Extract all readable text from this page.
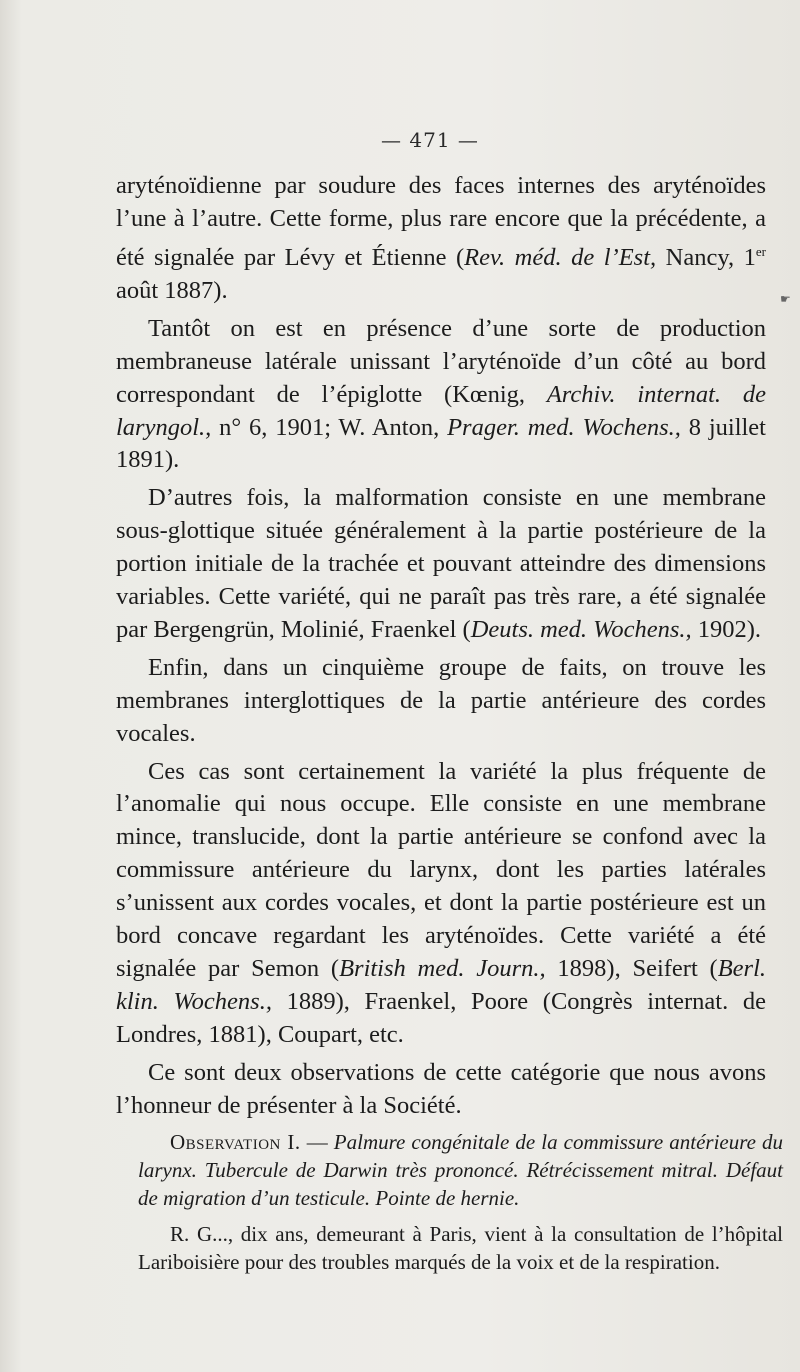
— 471 —
☛

aryténoïdienne par soudure des faces internes des aryténoïdes l’une à l’autre. Cette forme, plus rare encore que la précédente, a été signalée par Lévy et Étienne (Rev. méd. de l’Est, Nancy, 1er août 1887).

Tantôt on est en présence d’une sorte de production membraneuse latérale unissant l’aryténoïde d’un côté au bord correspondant de l’épiglotte (Kœnig, Archiv. internat. de laryngol., n° 6, 1901; W. Anton, Prager. med. Wochens., 8 juillet 1891).

D’autres fois, la malformation consiste en une membrane sous-glottique située généralement à la partie postérieure de la portion initiale de la trachée et pouvant atteindre des dimensions variables. Cette variété, qui ne paraît pas très rare, a été signalée par Bergengrün, Molinié, Fraenkel (Deuts. med. Wochens., 1902).

Enfin, dans un cinquième groupe de faits, on trouve les membranes interglottiques de la partie antérieure des cordes vocales.

Ces cas sont certainement la variété la plus fréquente de l’anomalie qui nous occupe. Elle consiste en une membrane mince, translucide, dont la partie antérieure se confond avec la commissure antérieure du larynx, dont les parties latérales s’unissent aux cordes vocales, et dont la partie postérieure est un bord concave regardant les aryténoïdes. Cette variété a été signalée par Semon (British med. Journ., 1898), Seifert (Berl. klin. Wochens., 1889), Fraenkel, Poore (Congrès internat. de Londres, 1881), Coupart, etc.

Ce sont deux observations de cette catégorie que nous avons l’honneur de présenter à la Société.

Observation I. — Palmure congénitale de la commissure antérieure du larynx. Tubercule de Darwin très prononcé. Rétrécissement mitral. Défaut de migration d’un testicule. Pointe de hernie.

R. G..., dix ans, demeurant à Paris, vient à la consultation de l’hôpital Lariboisière pour des troubles marqués de la voix et de la respiration.
